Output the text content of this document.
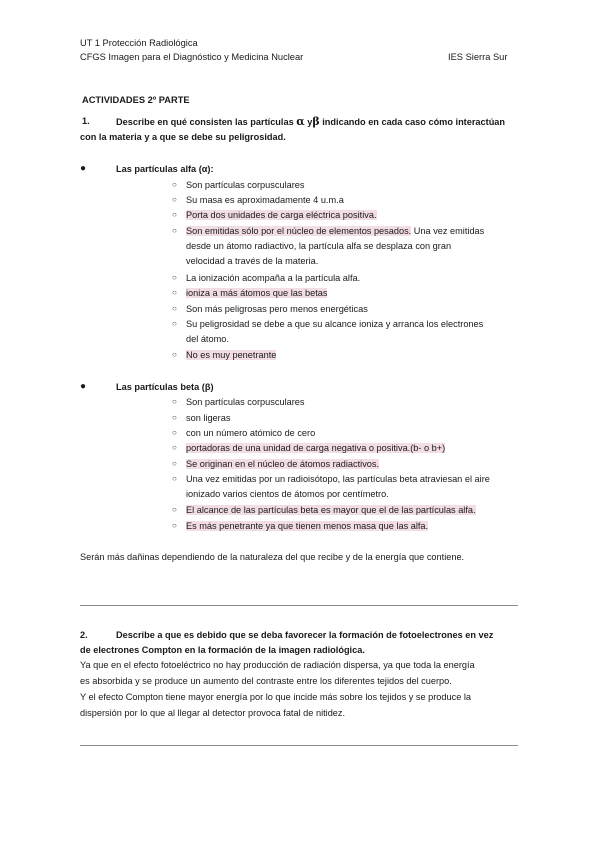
UT 1 Protección Radiológica
CFGS Imagen para el Diagnóstico y Medicina Nuclear	IES Sierra Sur
ACTIVIDADES 2º PARTE
1.	Describe en qué consisten las partículas α yβ indicando en cada caso cómo interactúan
con la materia y a que se debe su peligrosidad.
●	Las partículas alfa (α):
○ Son partículas corpusculares
○ Su masa es aproximadamente 4 u.m.a
○ Porta dos unidades de carga eléctrica positiva.
○ Son emitidas sólo por el núcleo de elementos pesados. Una vez emitidas
desde un átomo radiactivo, la partícula alfa se desplaza con gran
velocidad a través de la materia.
○ La ionización acompaña a la partícula alfa.
○ ioniza a más átomos que las betas
○ Son más peligrosas pero menos energéticas
○ Su peligrosidad se debe a que su alcance ioniza y arranca los electrones
del átomo.
○ No es muy penetrante
●	Las partículas beta (β)
○ Son partículas corpusculares
○ son ligeras
○ con un número atómico de cero
○ portadoras de una unidad de carga negativa o positiva.(b- o b+)
○ Se originan en el núcleo de átomos radiactivos.
○ Una vez emitidas por un radioisótopo, las partículas beta atraviesan el aire
ionizado varios cientos de átomos por centímetro.
○ El alcance de las partículas beta es mayor que el de las partículas alfa.
○ Es más penetrante ya que tienen menos masa que las alfa.
Serán más dañinas dependiendo de la naturaleza del que recibe y de la energía que contiene.
2.	Describe a que es debido que se deba favorecer la formación de fotoelectrones en vez
de electrones Compton en la formación de la imagen radiológica.
Ya que en el efecto fotoeléctrico no hay producción de radiación dispersa, ya que toda la energía
es absorbida y se produce un aumento del contraste entre los diferentes tejidos del cuerpo.
Y el efecto Compton tiene mayor energía por lo que incide más sobre los tejidos y se produce la
dispersión por lo que al llegar al detector provoca fatal de nitidez.
